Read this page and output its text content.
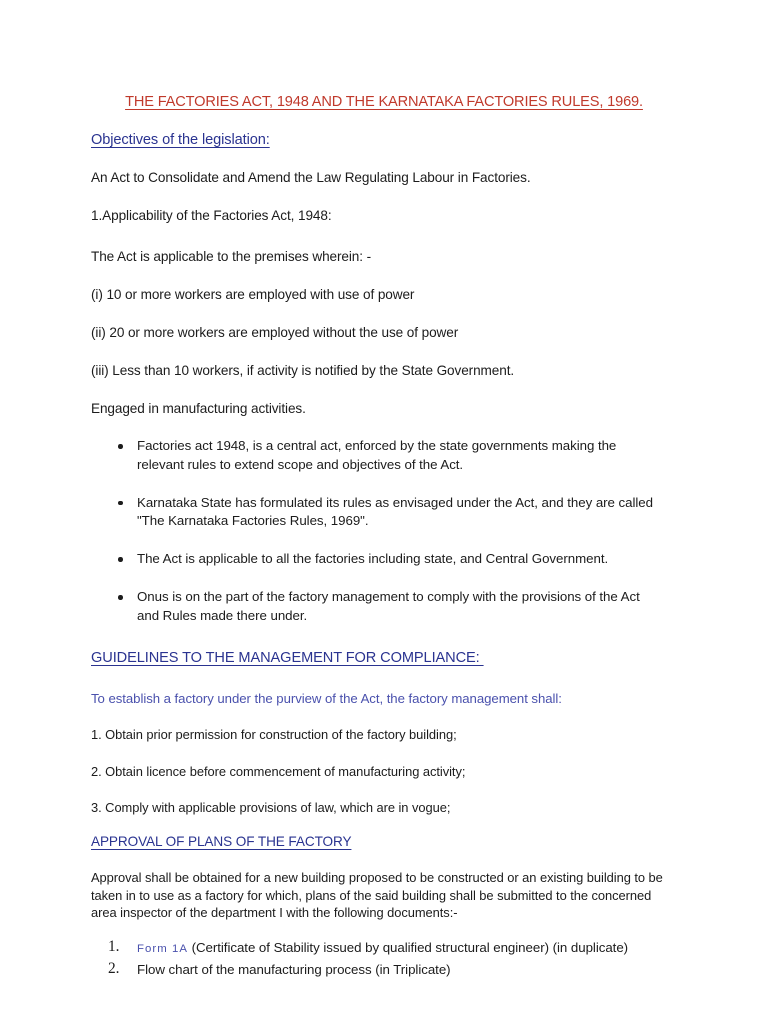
THE FACTORIES ACT, 1948 AND THE KARNATAKA FACTORIES RULES, 1969.
Objectives of the legislation:
An Act to Consolidate and Amend the Law Regulating Labour in Factories.
1.Applicability of the Factories Act, 1948:
The Act is applicable to the premises wherein: -
(i) 10 or more workers are employed with use of power
(ii) 20 or more workers are employed without the use of power
(iii) Less than 10 workers, if activity is notified by the State Government.
Engaged in manufacturing activities.
Factories act 1948, is a central act, enforced by the state governments making the relevant rules to extend scope and objectives of the Act.
Karnataka State has formulated its rules as envisaged under the Act, and they are called "The Karnataka Factories Rules, 1969".
The Act is applicable to all the factories including state, and Central Government.
Onus is on the part of the factory management to comply with the provisions of the Act and Rules made there under.
GUIDELINES TO THE MANAGEMENT FOR COMPLIANCE:
To establish a factory under the purview of the Act, the factory management shall:
1. Obtain prior permission for construction of the factory building;
2. Obtain licence before commencement of manufacturing activity;
3. Comply with applicable provisions of law, which are in vogue;
APPROVAL OF PLANS OF THE FACTORY
Approval shall be obtained for a new building proposed to be constructed or an existing building to be taken in to use as a factory for which, plans of the said building shall be submitted to the concerned area inspector of the department I with the following documents:-
1.	Form 1A (Certificate of Stability issued by qualified structural engineer) (in duplicate)
2.	Flow chart of the manufacturing process (in Triplicate)
